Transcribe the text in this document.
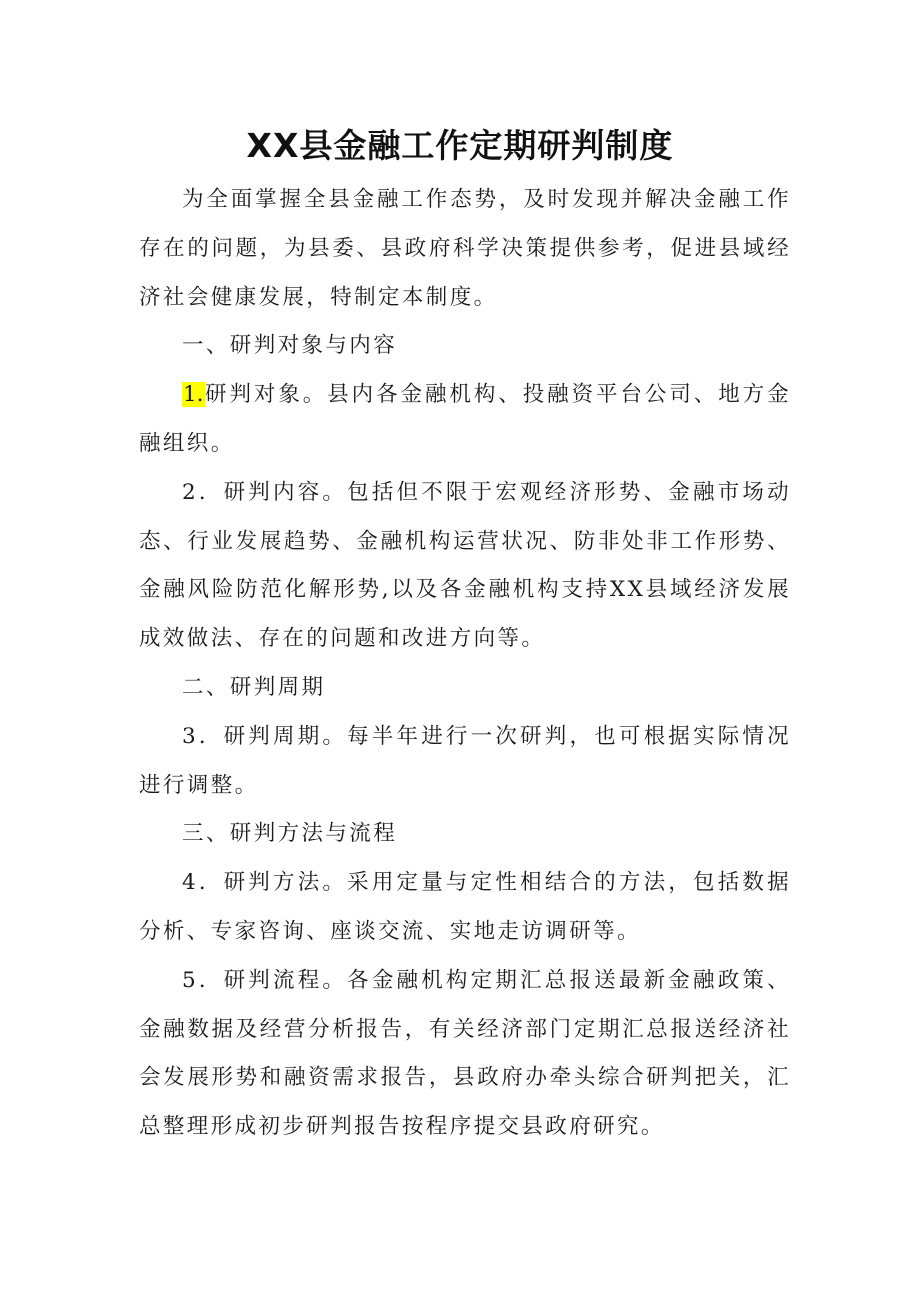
XX县金融工作定期研判制度

为全面掌握全县金融工作态势，及时发现并解决金融工作存在的问题，为县委、县政府科学决策提供参考，促进县域经济社会健康发展，特制定本制度。

一、研判对象与内容

1.研判对象。县内各金融机构、投融资平台公司、地方金融组织。

2．研判内容。包括但不限于宏观经济形势、金融市场动态、行业发展趋势、金融机构运营状况、防非处非工作形势、金融风险防范化解形势,以及各金融机构支持XX县域经济发展成效做法、存在的问题和改进方向等。

二、研判周期

3．研判周期。每半年进行一次研判，也可根据实际情况进行调整。

三、研判方法与流程

4．研判方法。采用定量与定性相结合的方法，包括数据分析、专家咨询、座谈交流、实地走访调研等。

5．研判流程。各金融机构定期汇总报送最新金融政策、金融数据及经营分析报告，有关经济部门定期汇总报送经济社会发展形势和融资需求报告，县政府办牵头综合研判把关，汇总整理形成初步研判报告按程序提交县政府研究。
